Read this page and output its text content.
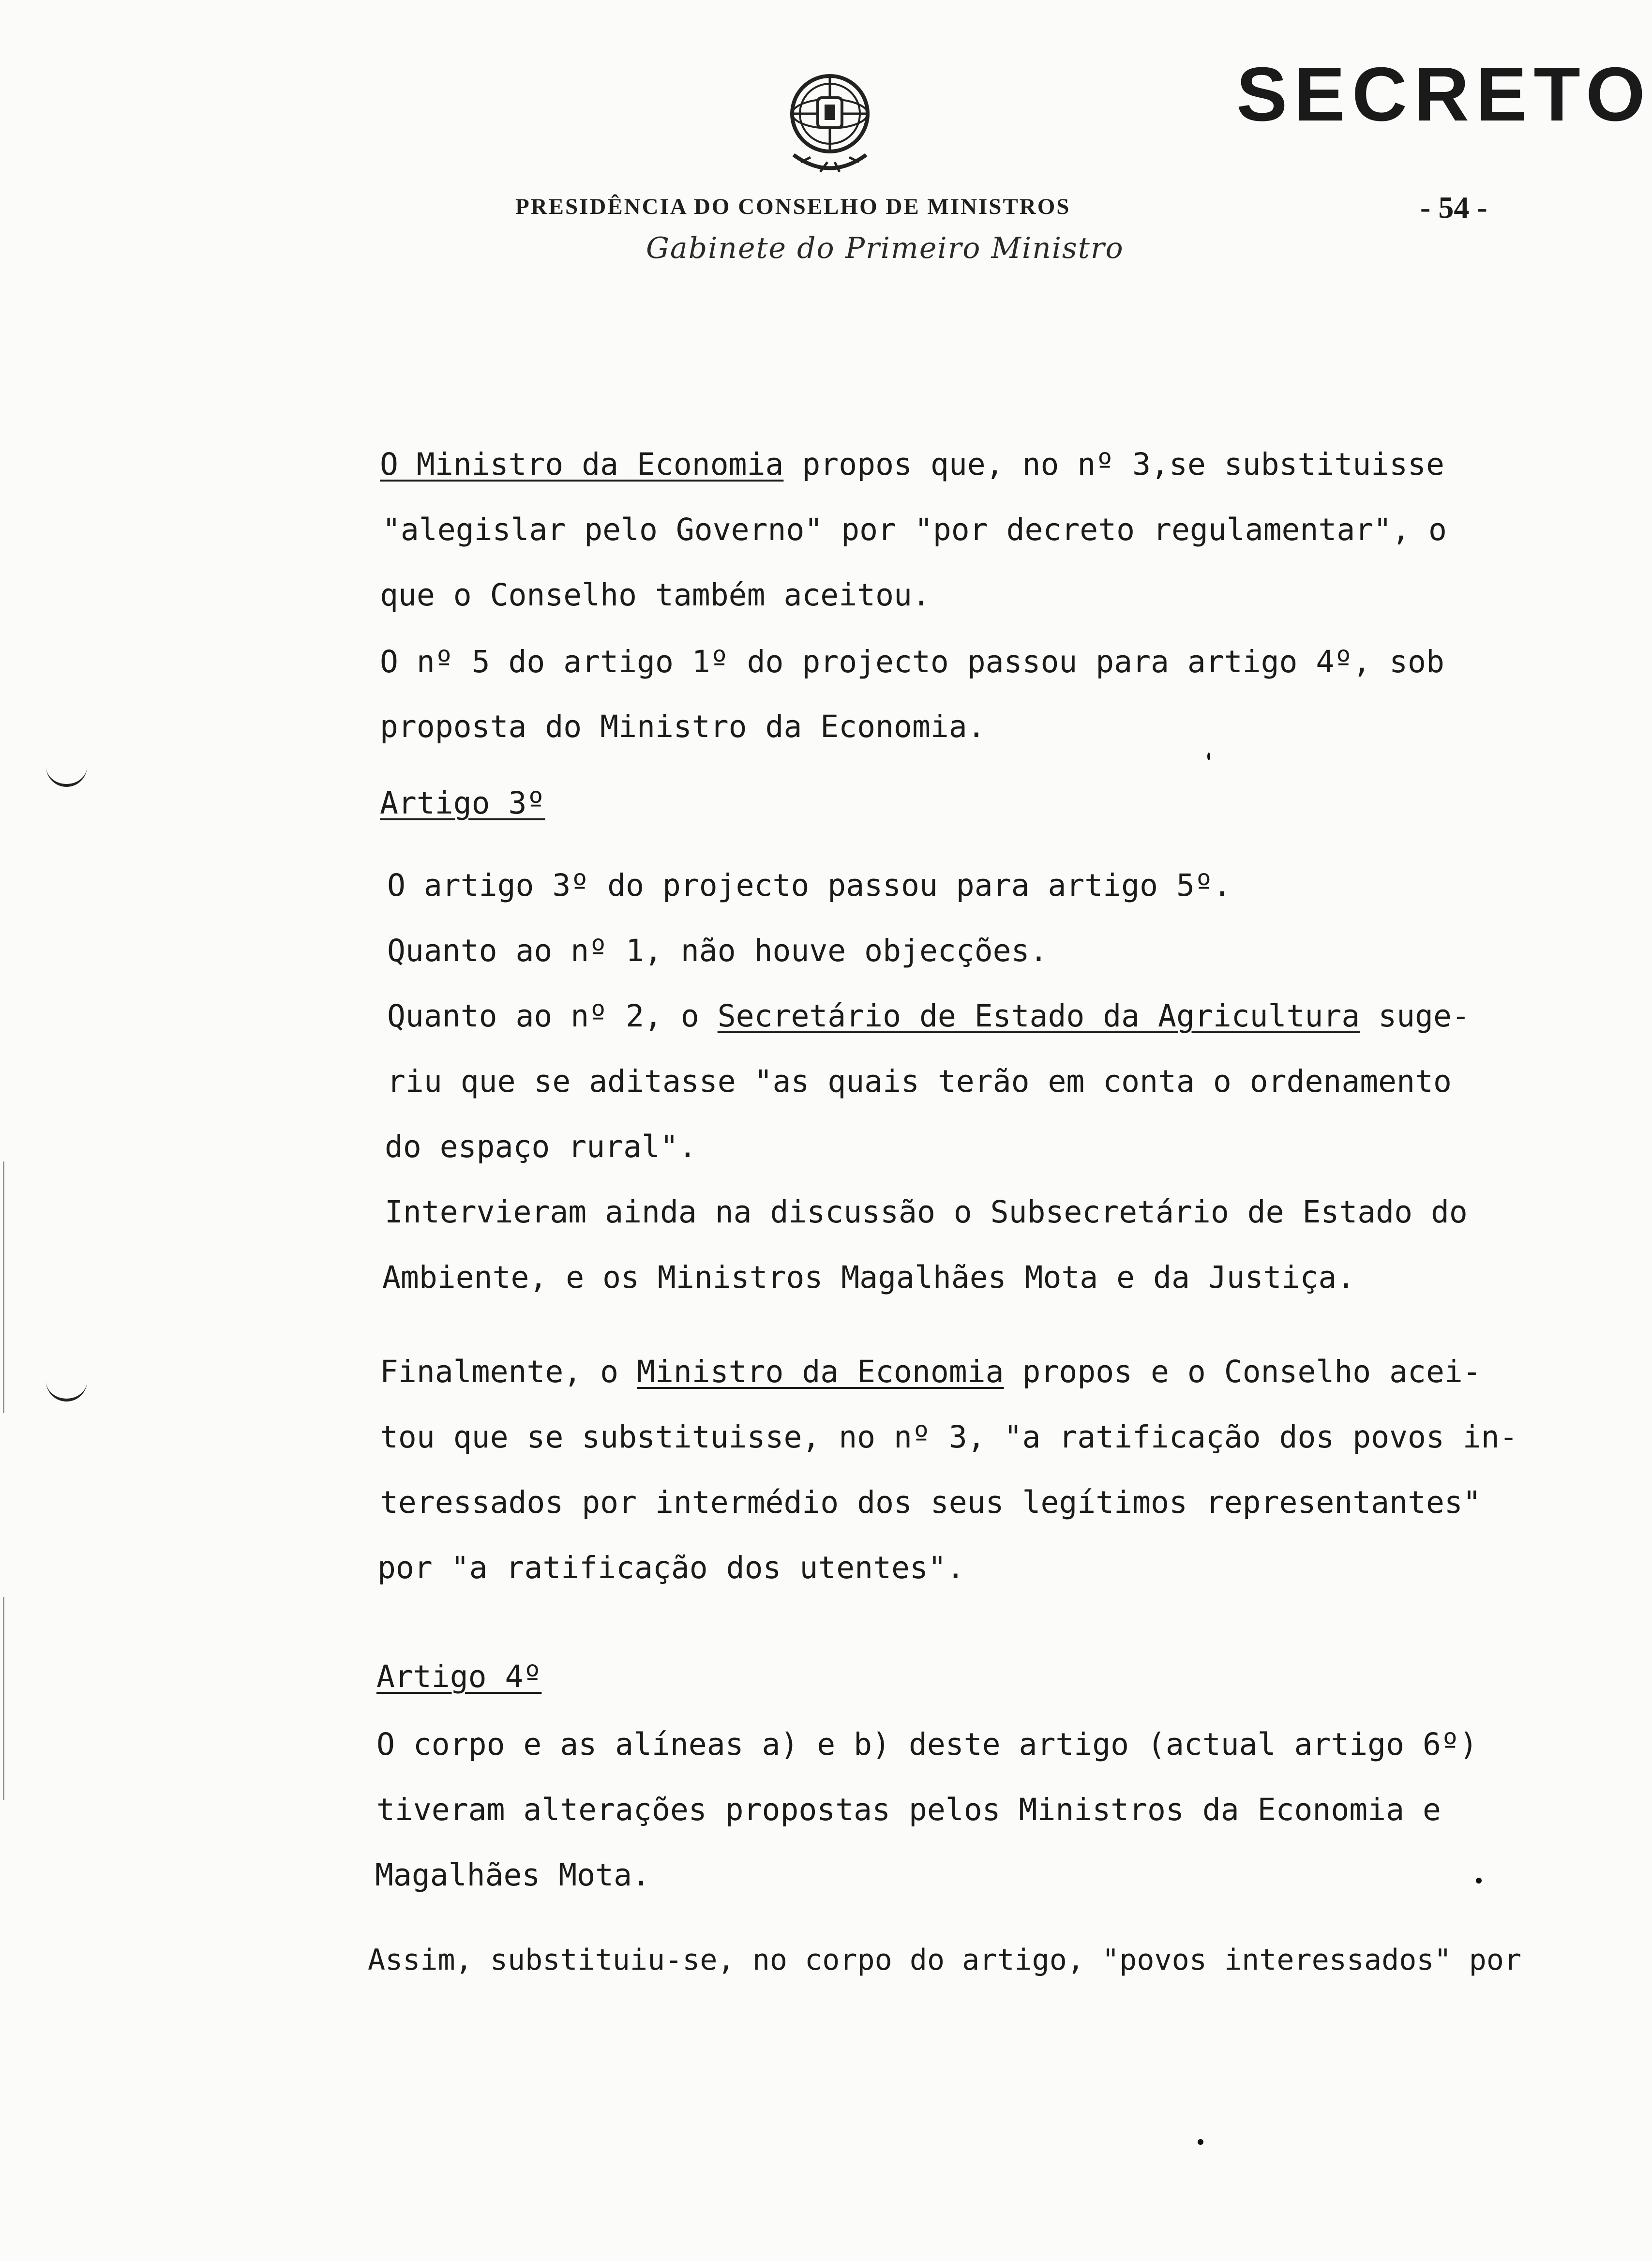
SECRETO
PRESIDÊNCIA DO CONSELHO DE MINISTROS	- 54 -
Gabinete do Primeiro Ministro
O Ministro da Economia propos que, no nº 3,se substituisse
"alegislar pelo Governo" por "por decreto regulamentar", o
que o Conselho também aceitou.
O nº 5 do artigo 1º do projecto passou para artigo 4º, sob
proposta do Ministro da Economia.
Artigo 3º
O artigo 3º do projecto passou para artigo 5º.
Quanto ao nº 1, não houve objecções.
Quanto ao nº 2, o Secretário de Estado da Agricultura suge-
riu que se aditasse "as quais terão em conta o ordenamento
do espaço rural".
Intervieram ainda na discussão o Subsecretário de Estado do
Ambiente, e os Ministros Magalhães Mota e da Justiça.
Finalmente, o Ministro da Economia propos e o Conselho acei-
tou que se substituisse, no nº 3, "a ratificação dos povos in-
teressados por intermédio dos seus legítimos representantes"
por "a ratificação dos utentes".
Artigo 4º
O corpo e as alíneas a) e b) deste artigo (actual artigo 6º)
tiveram alterações propostas pelos Ministros da Economia e
Magalhães Mota.
Assim, substituiu-se, no corpo do artigo, "povos interessados" por
